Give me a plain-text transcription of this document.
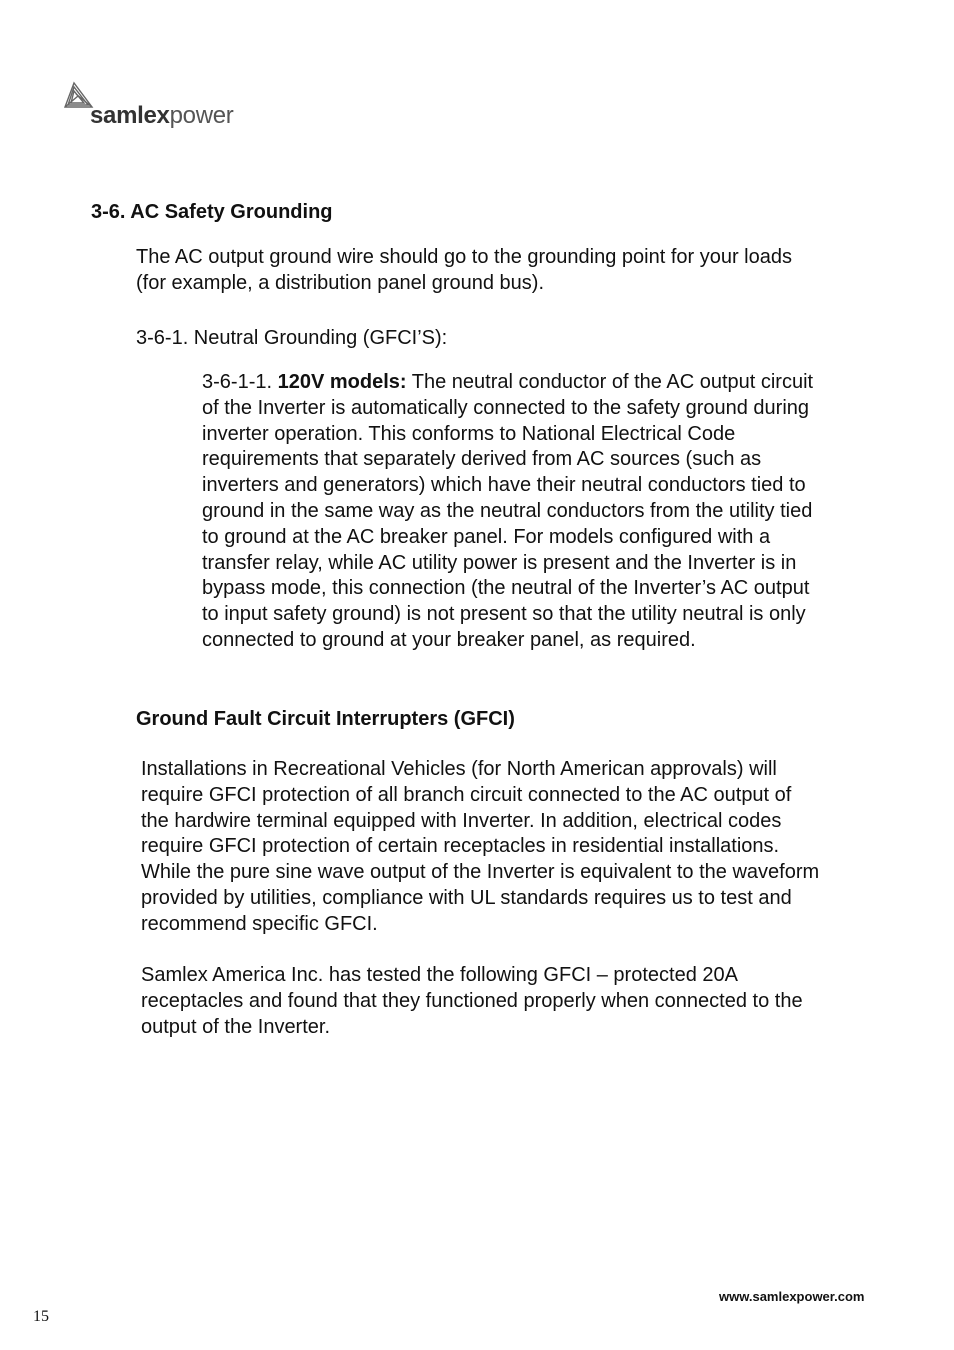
samlexpower
3-6. AC Safety Grounding
The AC output ground wire should go to the grounding point for your loads
(for example, a distribution panel ground bus).
3-6-1. Neutral Grounding (GFCI’S):
3-6-1-1. 120V models: The neutral conductor of the AC output circuit
of the Inverter is automatically connected to the safety ground during
inverter operation. This conforms to National Electrical Code
requirements that separately derived from AC sources (such as
inverters and generators) which have their neutral conductors tied to
ground in the same way as the neutral conductors from the utility tied
to ground at the AC breaker panel. For models configured with a
transfer relay, while AC utility power is present and the Inverter is in
bypass mode, this connection (the neutral of the Inverter’s AC output
to input safety ground) is not present so that the utility neutral is only
connected to ground at your breaker panel, as required.
Ground Fault Circuit Interrupters (GFCI)
Installations in Recreational Vehicles (for North American approvals) will
require GFCI protection of all branch circuit connected to the AC output of
the hardwire terminal equipped with Inverter. In addition, electrical codes
require GFCI protection of certain receptacles in residential installations.
While the pure sine wave output of the Inverter is equivalent to the waveform
provided by utilities, compliance with UL standards requires us to test and
recommend specific GFCI.
Samlex America Inc. has tested the following GFCI – protected 20A
receptacles and found that they functioned properly when connected to the
output of the Inverter.
www.samlexpower.com
15
